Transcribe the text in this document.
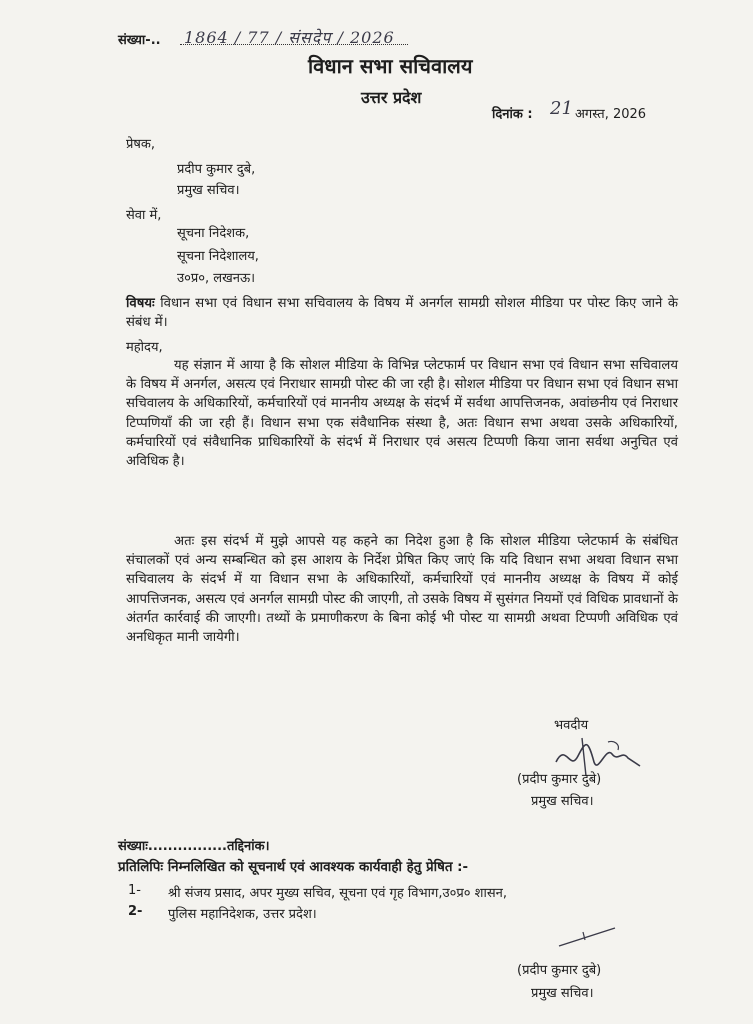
संख्या-.. 1864 / 77 / संसदेप / 2026
विधान सभा सचिवालय
उत्तर प्रदेश
दिनांक : 21 अगस्त, 2026
प्रेषक,
प्रदीप कुमार दुबे,
प्रमुख सचिव।
सेवा में,
सूचना निदेशक,
सूचना निदेशालय,
उ०प्र०, लखनऊ।
विषयः विधान सभा एवं विधान सभा सचिवालय के विषय में अनर्गल सामग्री सोशल मीडिया पर पोस्ट किए जाने के संबंध में।
महोदय,
यह संज्ञान में आया है कि सोशल मीडिया के विभिन्न प्लेटफार्म पर विधान सभा एवं विधान सभा सचिवालय के विषय में अनर्गल, असत्य एवं निराधार सामग्री पोस्ट की जा रही है। सोशल मीडिया पर विधान सभा एवं विधान सभा सचिवालय के अधिकारियों, कर्मचारियों एवं माननीय अध्यक्ष के संदर्भ में सर्वथा आपत्तिजनक, अवांछनीय एवं निराधार टिप्पणियाँ की जा रही हैं। विधान सभा एक संवैधानिक संस्था है, अतः विधान सभा अथवा उसके अधिकारियों, कर्मचारियों एवं संवैधानिक प्राधिकारियों के संदर्भ में निराधार एवं असत्य टिप्पणी किया जाना सर्वथा अनुचित एवं अविधिक है।
अतः इस संदर्भ में मुझे आपसे यह कहने का निदेश हुआ है कि सोशल मीडिया प्लेटफार्म के संबंधित संचालकों एवं अन्य सम्बन्धित को इस आशय के निर्देश प्रेषित किए जाएं कि यदि विधान सभा अथवा विधान सभा सचिवालय के संदर्भ में या विधान सभा के अधिकारियों, कर्मचारियों एवं माननीय अध्यक्ष के विषय में कोई आपत्तिजनक, असत्य एवं अनर्गल सामग्री पोस्ट की जाएगी, तो उसके विषय में सुसंगत नियमों एवं विधिक प्रावधानों के अंतर्गत कार्रवाई की जाएगी। तथ्यों के प्रमाणीकरण के बिना कोई भी पोस्ट या सामग्री अथवा टिप्पणी अविधिक एवं अनधिकृत मानी जायेगी।
भवदीय
(प्रदीप कुमार दुबे)
प्रमुख सचिव।
संख्याः................तद्दिनांक।
प्रतिलिपिः निम्नलिखित को सूचनार्थ एवं आवश्यक कार्यवाही हेतु प्रेषित :-
1- श्री संजय प्रसाद, अपर मुख्य सचिव, सूचना एवं गृह विभाग,उ०प्र० शासन,
2- पुलिस महानिदेशक, उत्तर प्रदेश।
(प्रदीप कुमार दुबे)
प्रमुख सचिव।
